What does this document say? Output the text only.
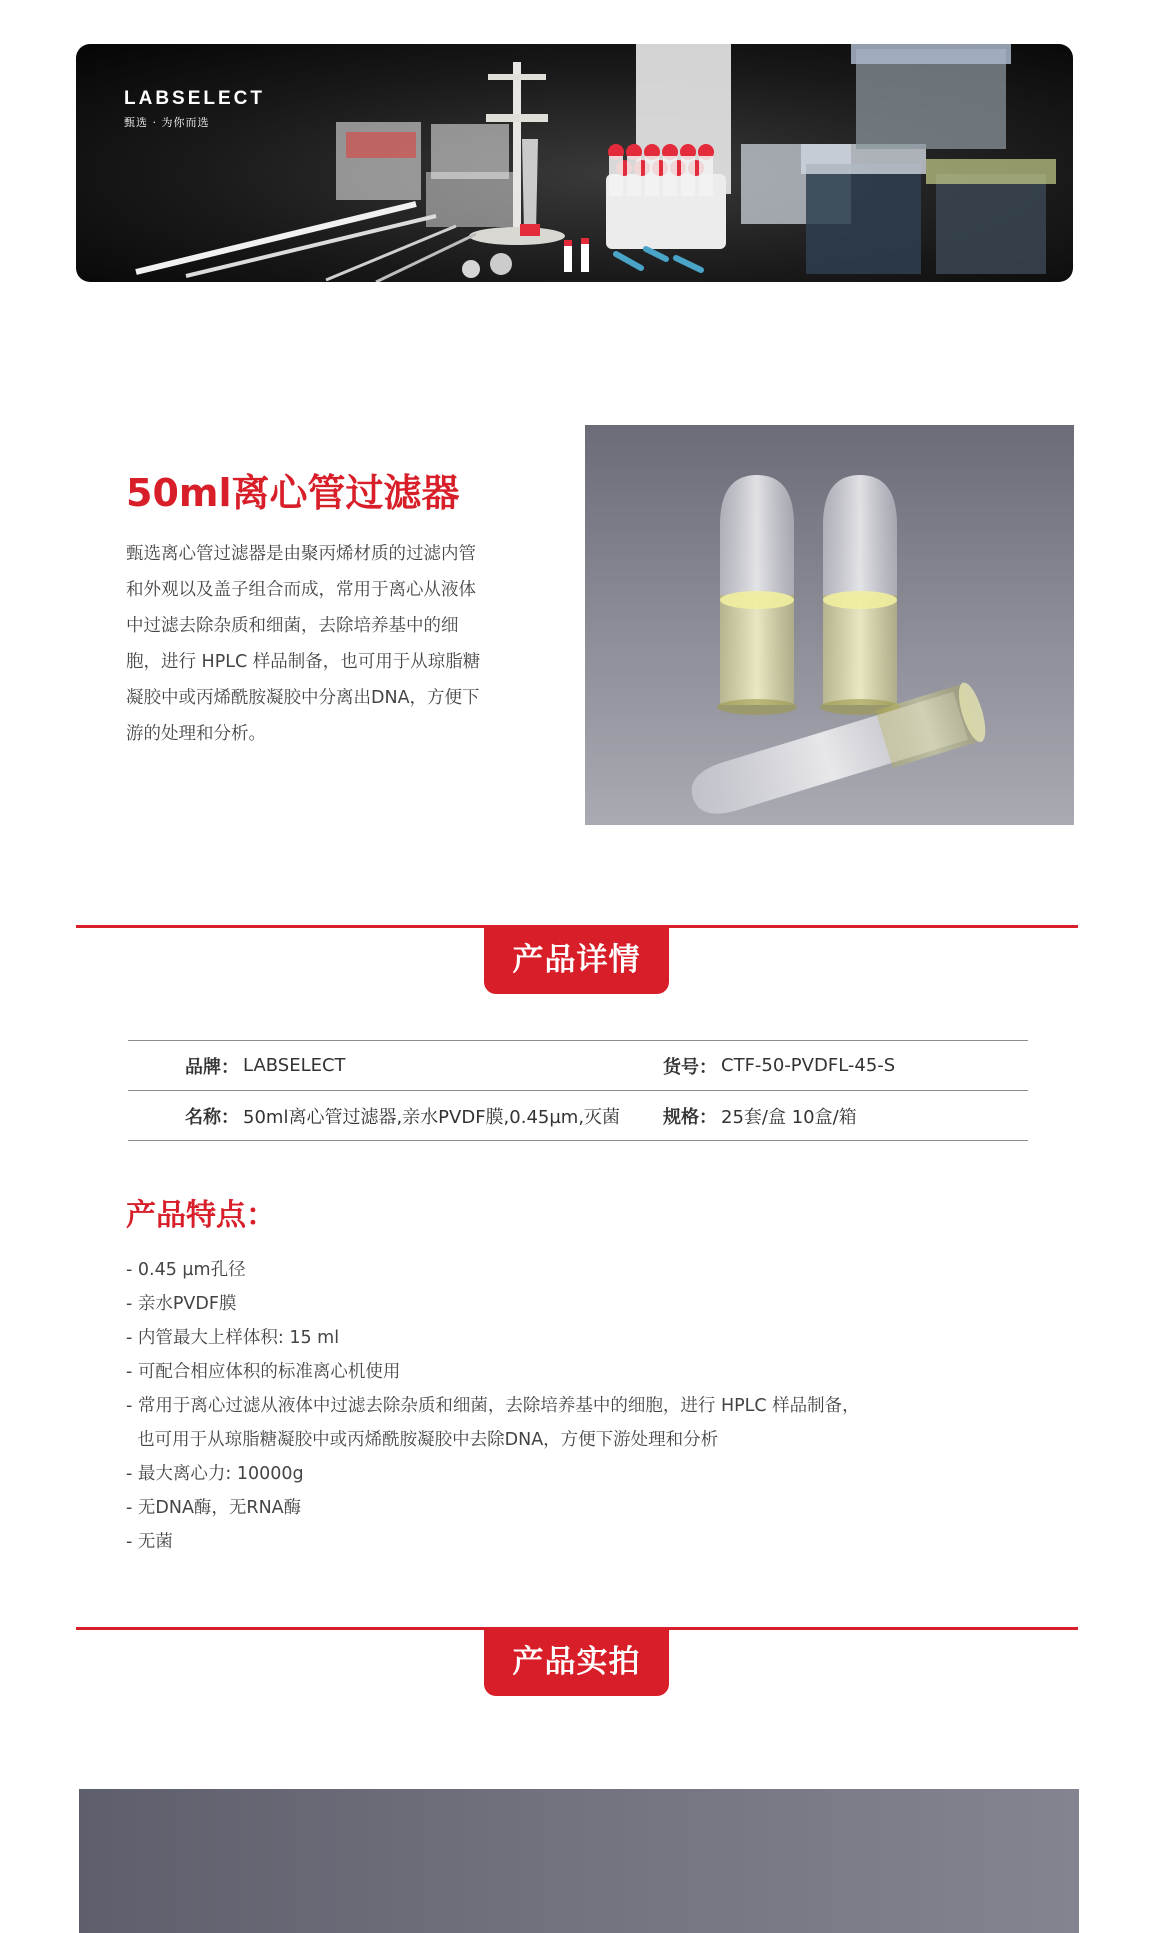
LABSELECT
甄选 · 为你而选
50ml离心管过滤器

甄选离心管过滤器是由聚丙烯材质的过滤内管和外观以及盖子组合而成，常用于离心从液体中过滤去除杂质和细菌，去除培养基中的细胞，进行 HPLC 样品制备，也可用于从琼脂糖凝胶中或丙烯酰胺凝胶中分离出DNA，方便下游的处理和分析。

产品详情
品牌：	LABSELECT	货号：	CTF-50-PVDFL-45-S
名称：	50ml离心管过滤器,亲水PVDF膜,0.45µm,灭菌	规格：	25套/盒 10盒/箱
产品特点：
- 0.45 µm孔径
- 亲水PVDF膜
- 内管最大上样体积: 15 ml
- 可配合相应体积的标准离心机使用
- 常用于离心过滤从液体中过滤去除杂质和细菌，去除培养基中的细胞，进行 HPLC 样品制备，
也可用于从琼脂糖凝胶中或丙烯酰胺凝胶中去除DNA，方便下游处理和分析
- 最大离心力: 10000g
- 无DNA酶，无RNA酶
- 无菌
产品实拍
